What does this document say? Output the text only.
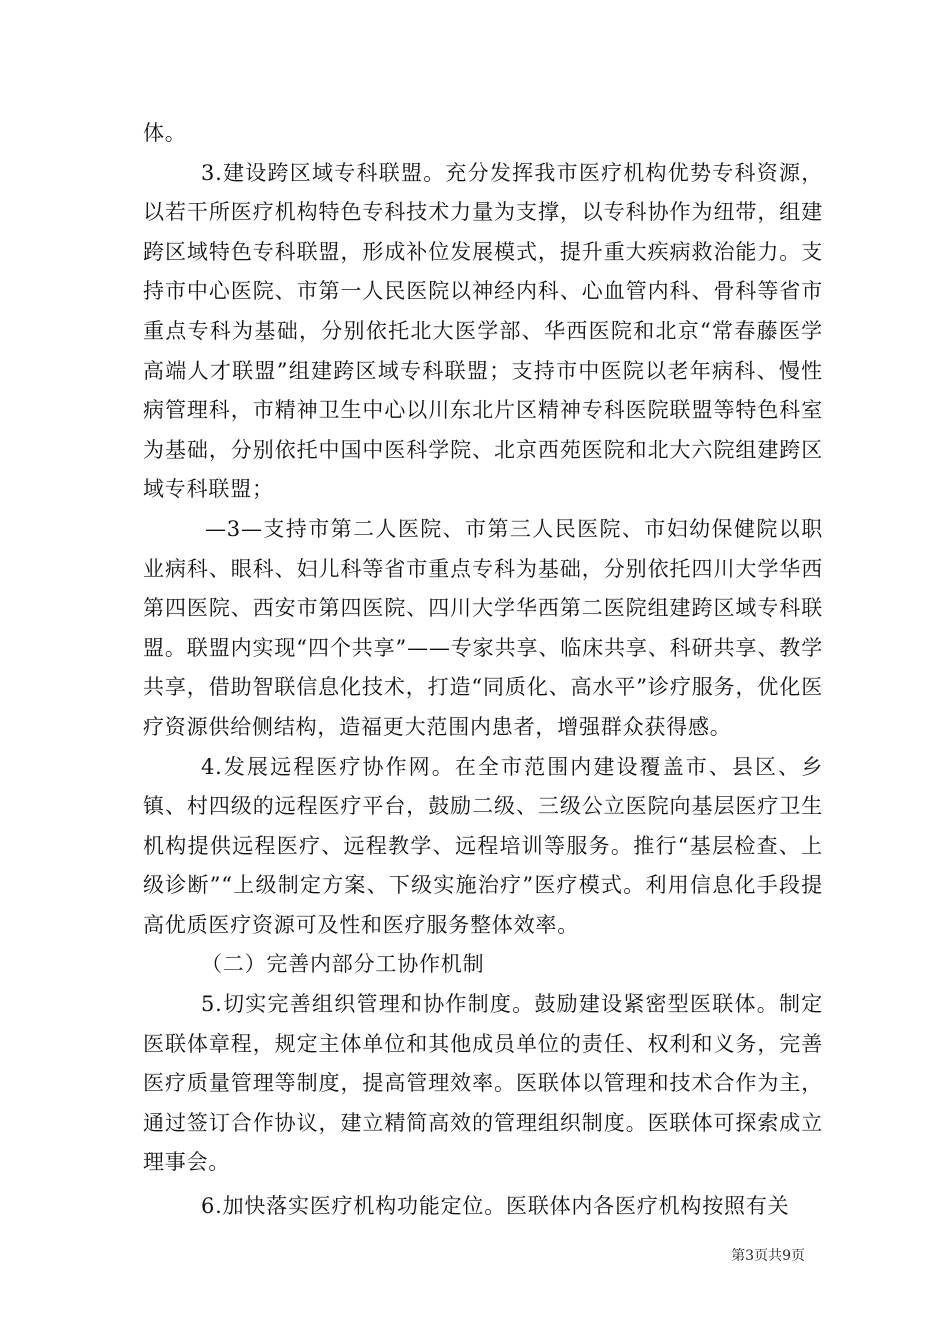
体。

3.建设跨区域专科联盟。充分发挥我市医疗机构优势专科资源，以若干所医疗机构特色专科技术力量为支撑，以专科协作为纽带，组建跨区域特色专科联盟，形成补位发展模式，提升重大疾病救治能力。支持市中心医院、市第一人民医院以神经内科、心血管内科、骨科等省市重点专科为基础，分别依托北大医学部、华西医院和北京“常春藤医学高端人才联盟”组建跨区域专科联盟；支持市中医院以老年病科、慢性病管理科，市精神卫生中心以川东北片区精神专科医院联盟等特色科室为基础，分别依托中国中医科学院、北京西苑医院和北大六院组建跨区域专科联盟；

—3—支持市第二人医院、市第三人民医院、市妇幼保健院以职业病科、眼科、妇儿科等省市重点专科为基础，分别依托四川大学华西第四医院、西安市第四医院、四川大学华西第二医院组建跨区域专科联盟。联盟内实现“四个共享”——专家共享、临床共享、科研共享、教学共享，借助智联信息化技术，打造“同质化、高水平”诊疗服务，优化医疗资源供给侧结构，造福更大范围内患者，增强群众获得感。

4.发展远程医疗协作网。在全市范围内建设覆盖市、县区、乡镇、村四级的远程医疗平台，鼓励二级、三级公立医院向基层医疗卫生机构提供远程医疗、远程教学、远程培训等服务。推行“基层检查、上级诊断”“上级制定方案、下级实施治疗”医疗模式。利用信息化手段提高优质医疗资源可及性和医疗服务整体效率。

（二）完善内部分工协作机制

5.切实完善组织管理和协作制度。鼓励建设紧密型医联体。制定医联体章程，规定主体单位和其他成员单位的责任、权利和义务，完善医疗质量管理等制度，提高管理效率。医联体以管理和技术合作为主，通过签订合作协议，建立精简高效的管理组织制度。医联体可探索成立理事会。

6.加快落实医疗机构功能定位。医联体内各医疗机构按照有关

第3页共9页
